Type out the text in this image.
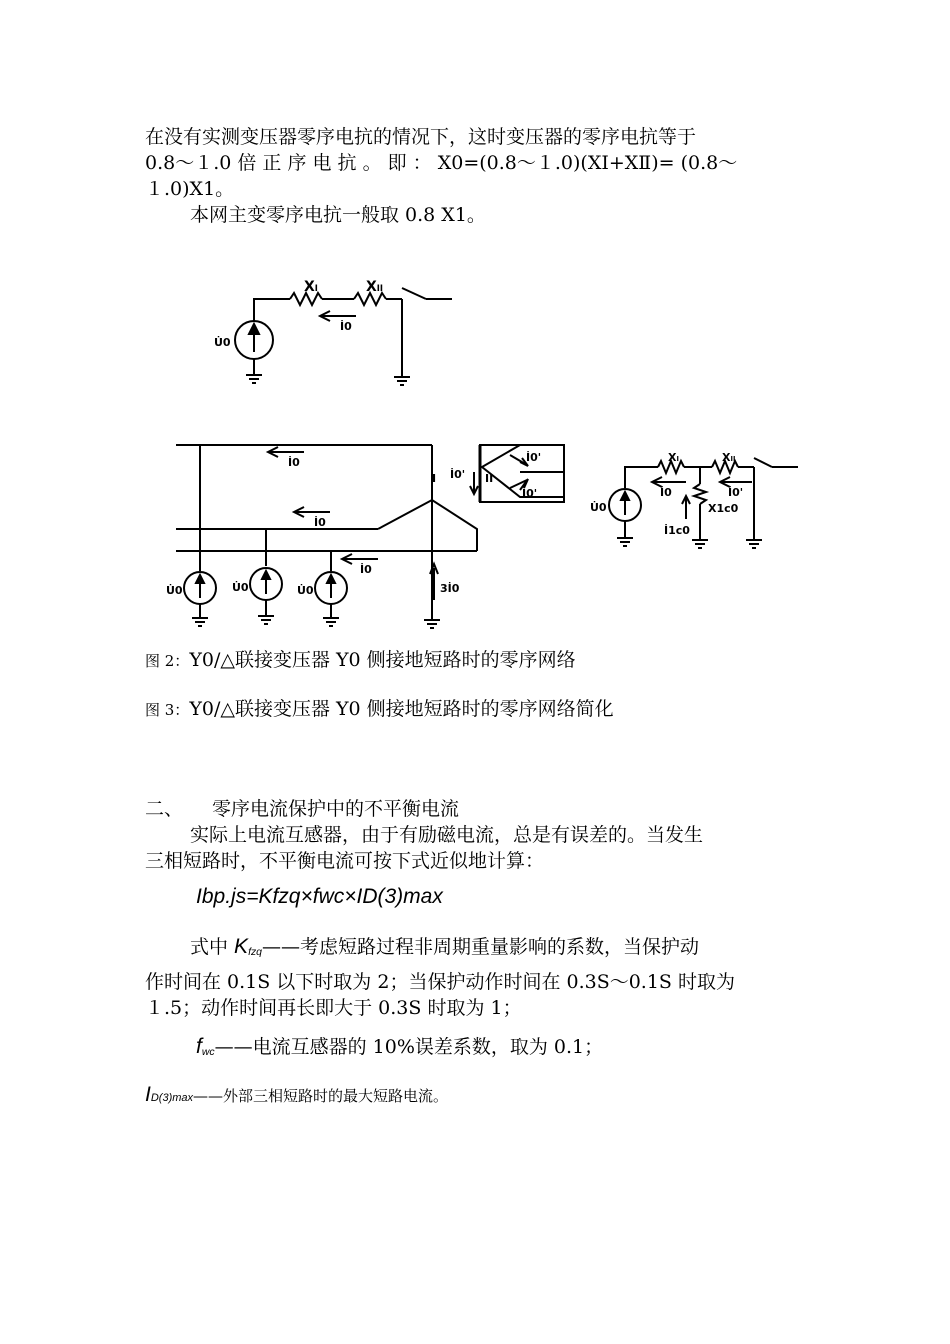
在没有实测变压器零序电抗的情况下，这时变压器的零序电抗等于
0.8～１.0 倍 正 序 电 抗 。 即 ： X0=(0.8～１.0)(XⅠ+XⅡ)= (0.8～
１.0)X1。
本网主变零序电抗一般取 0.8 X1。
XI	XII
U̇0
İ0
İ0
İ0
İ0
U̇0	U̇0	U̇0
I	II
İ0'
İ0'
İ0'
3İ0
XI	XII
U̇0
İ0	İ0'
X1c0
İ1c0
图 2：Y0/△联接变压器 Y0 侧接地短路时的零序网络
图 3：Y0/△联接变压器 Y0 侧接地短路时的零序网络简化
二、 零序电流保护中的不平衡电流
实际上电流互感器，由于有励磁电流，总是有误差的。当发生
三相短路时，不平衡电流可按下式近似地计算：
Ibp.js=Kfzq×fwc×ID(3)max
式中 Kfzq——考虑短路过程非周期重量影响的系数，当保护动
作时间在 0.1S 以下时取为 2；当保护动作时间在 0.3S～0.1S 时取为
１.5；动作时间再长即大于 0.3S 时取为 1；
fwc——电流互感器的 10%误差系数，取为 0.1；
ID(3)max——外部三相短路时的最大短路电流。
